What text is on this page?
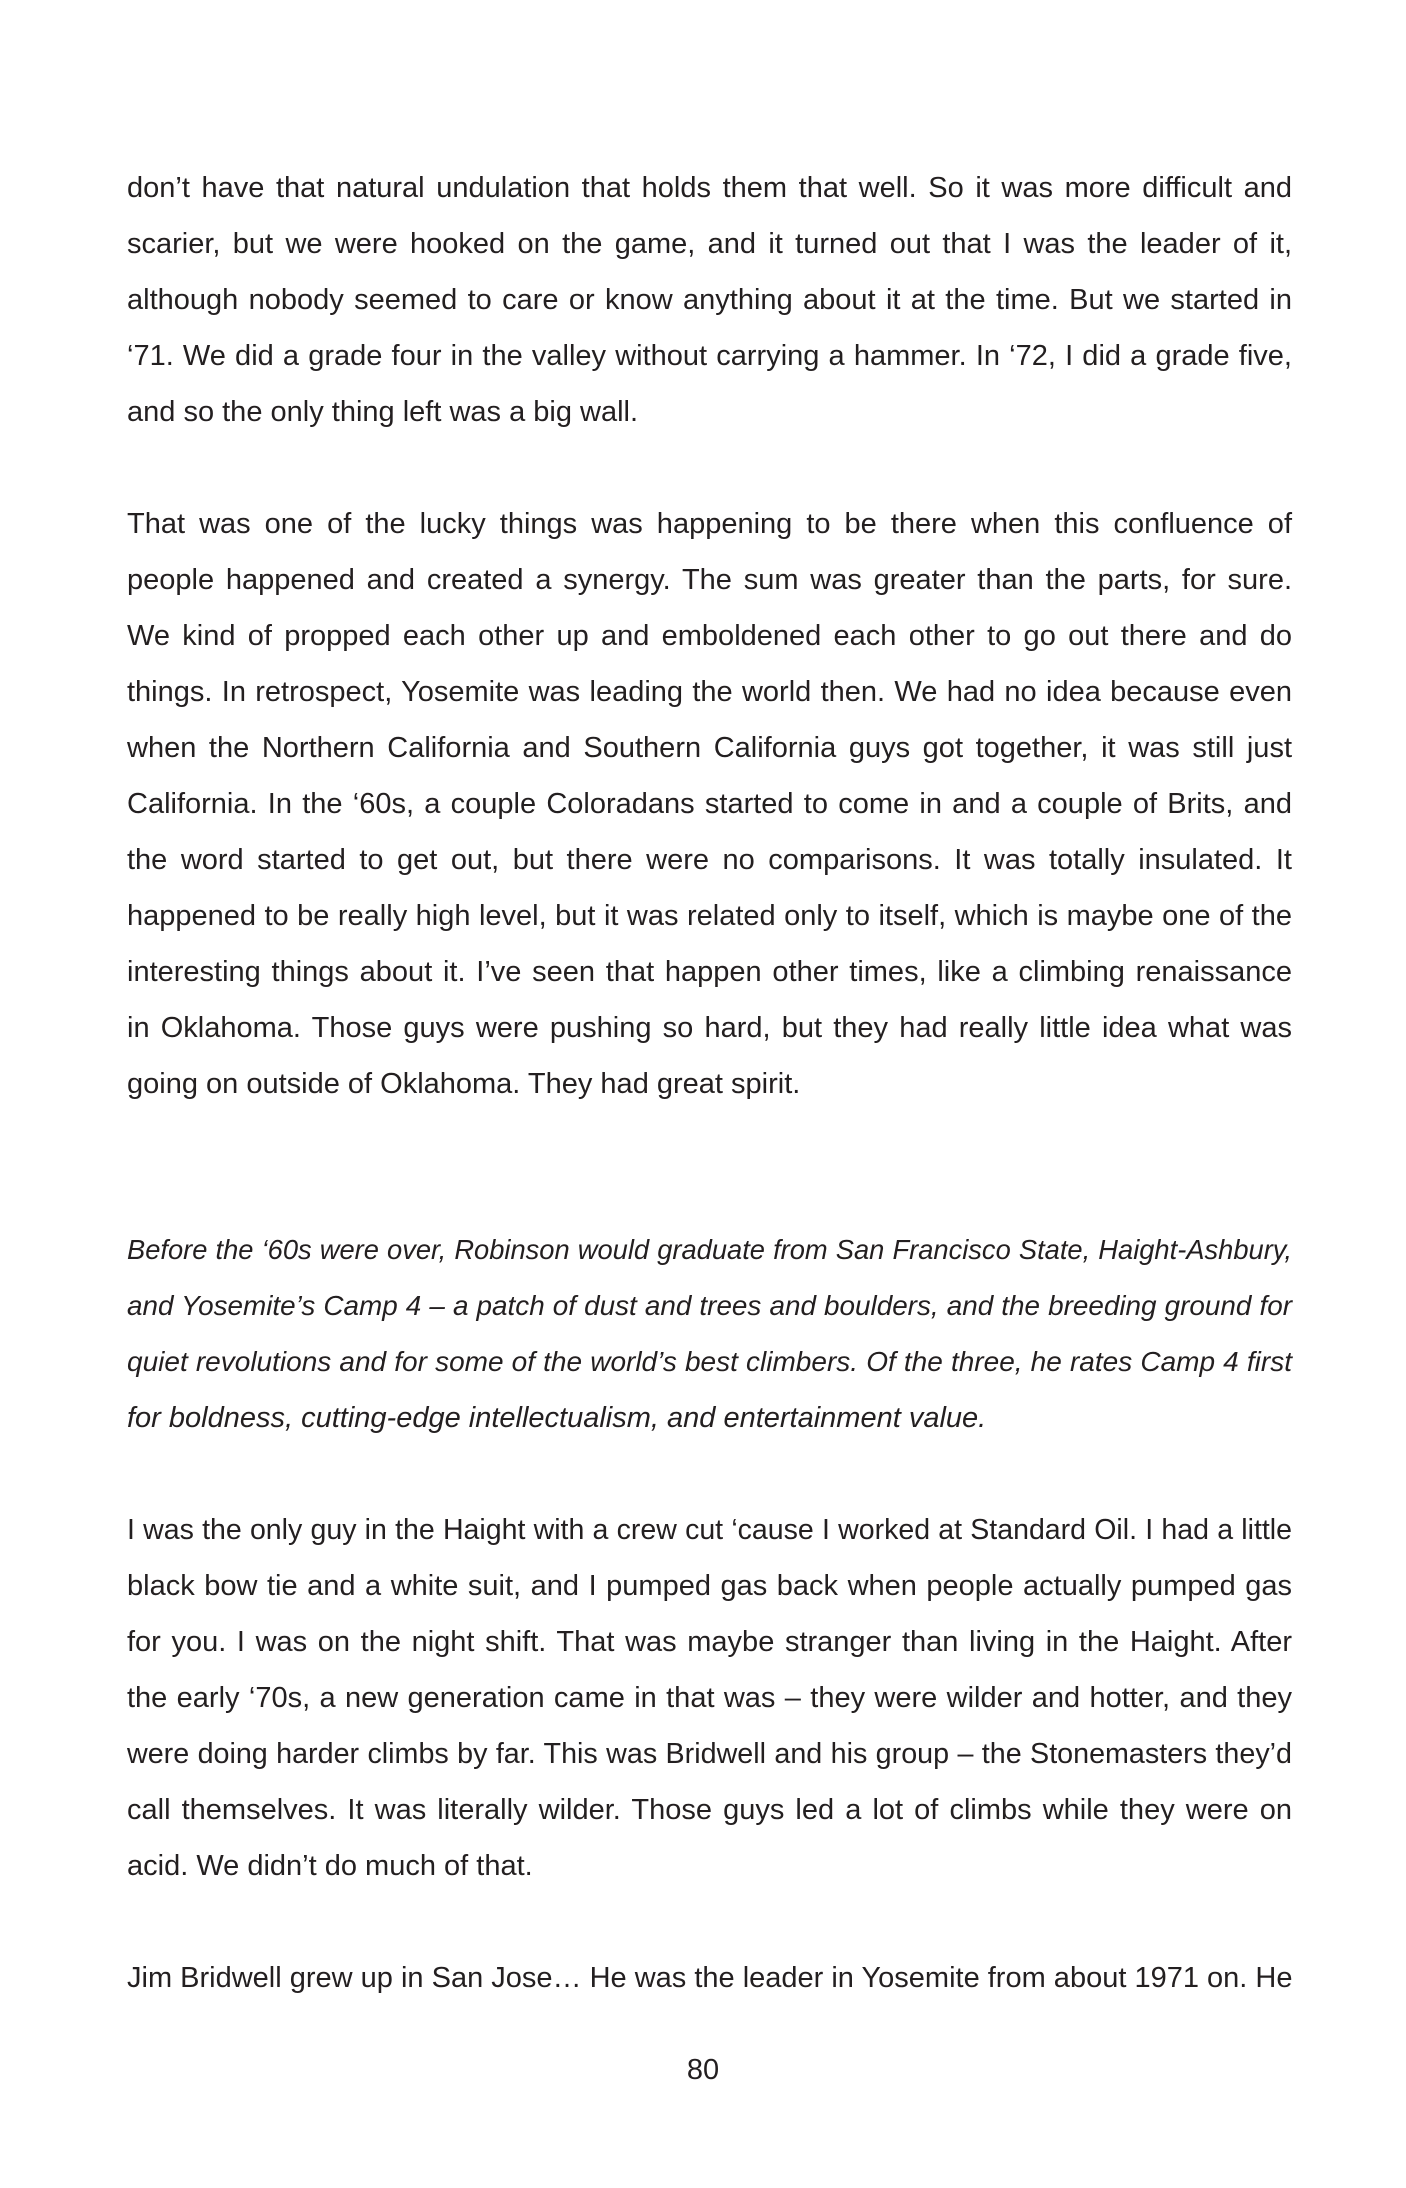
don’t have that natural undulation that holds them that well. So it was more difficult and
scarier, but we were hooked on the game, and it turned out that I was the leader of it,
although nobody seemed to care or know anything about it at the time. But we started in
‘71. We did a grade four in the valley without carrying a hammer. In ‘72, I did a grade five,
and so the only thing left was a big wall.
That was one of the lucky things was happening to be there when this confluence of
people happened and created a synergy. The sum was greater than the parts, for sure.
We kind of propped each other up and emboldened each other to go out there and do
things. In retrospect, Yosemite was leading the world then. We had no idea because even
when the Northern California and Southern California guys got together, it was still just
California. In the ‘60s, a couple Coloradans started to come in and a couple of Brits, and
the word started to get out, but there were no comparisons. It was totally insulated. It
happened to be really high level, but it was related only to itself, which is maybe one of the
interesting things about it. I’ve seen that happen other times, like a climbing renaissance
in Oklahoma. Those guys were pushing so hard, but they had really little idea what was
going on outside of Oklahoma. They had great spirit.
Before the ‘60s were over, Robinson would graduate from San Francisco State, Haight-Ashbury,
and Yosemite’s Camp 4 – a patch of dust and trees and boulders, and the breeding ground for
quiet revolutions and for some of the world’s best climbers. Of the three, he rates Camp 4 first
for boldness, cutting-edge intellectualism, and entertainment value.
I was the only guy in the Haight with a crew cut ‘cause I worked at Standard Oil. I had a little
black bow tie and a white suit, and I pumped gas back when people actually pumped gas
for you. I was on the night shift. That was maybe stranger than living in the Haight. After
the early ‘70s, a new generation came in that was – they were wilder and hotter, and they
were doing harder climbs by far. This was Bridwell and his group – the Stonemasters they’d
call themselves. It was literally wilder. Those guys led a lot of climbs while they were on
acid. We didn’t do much of that.
Jim Bridwell grew up in San Jose… He was the leader in Yosemite from about 1971 on. He
80
